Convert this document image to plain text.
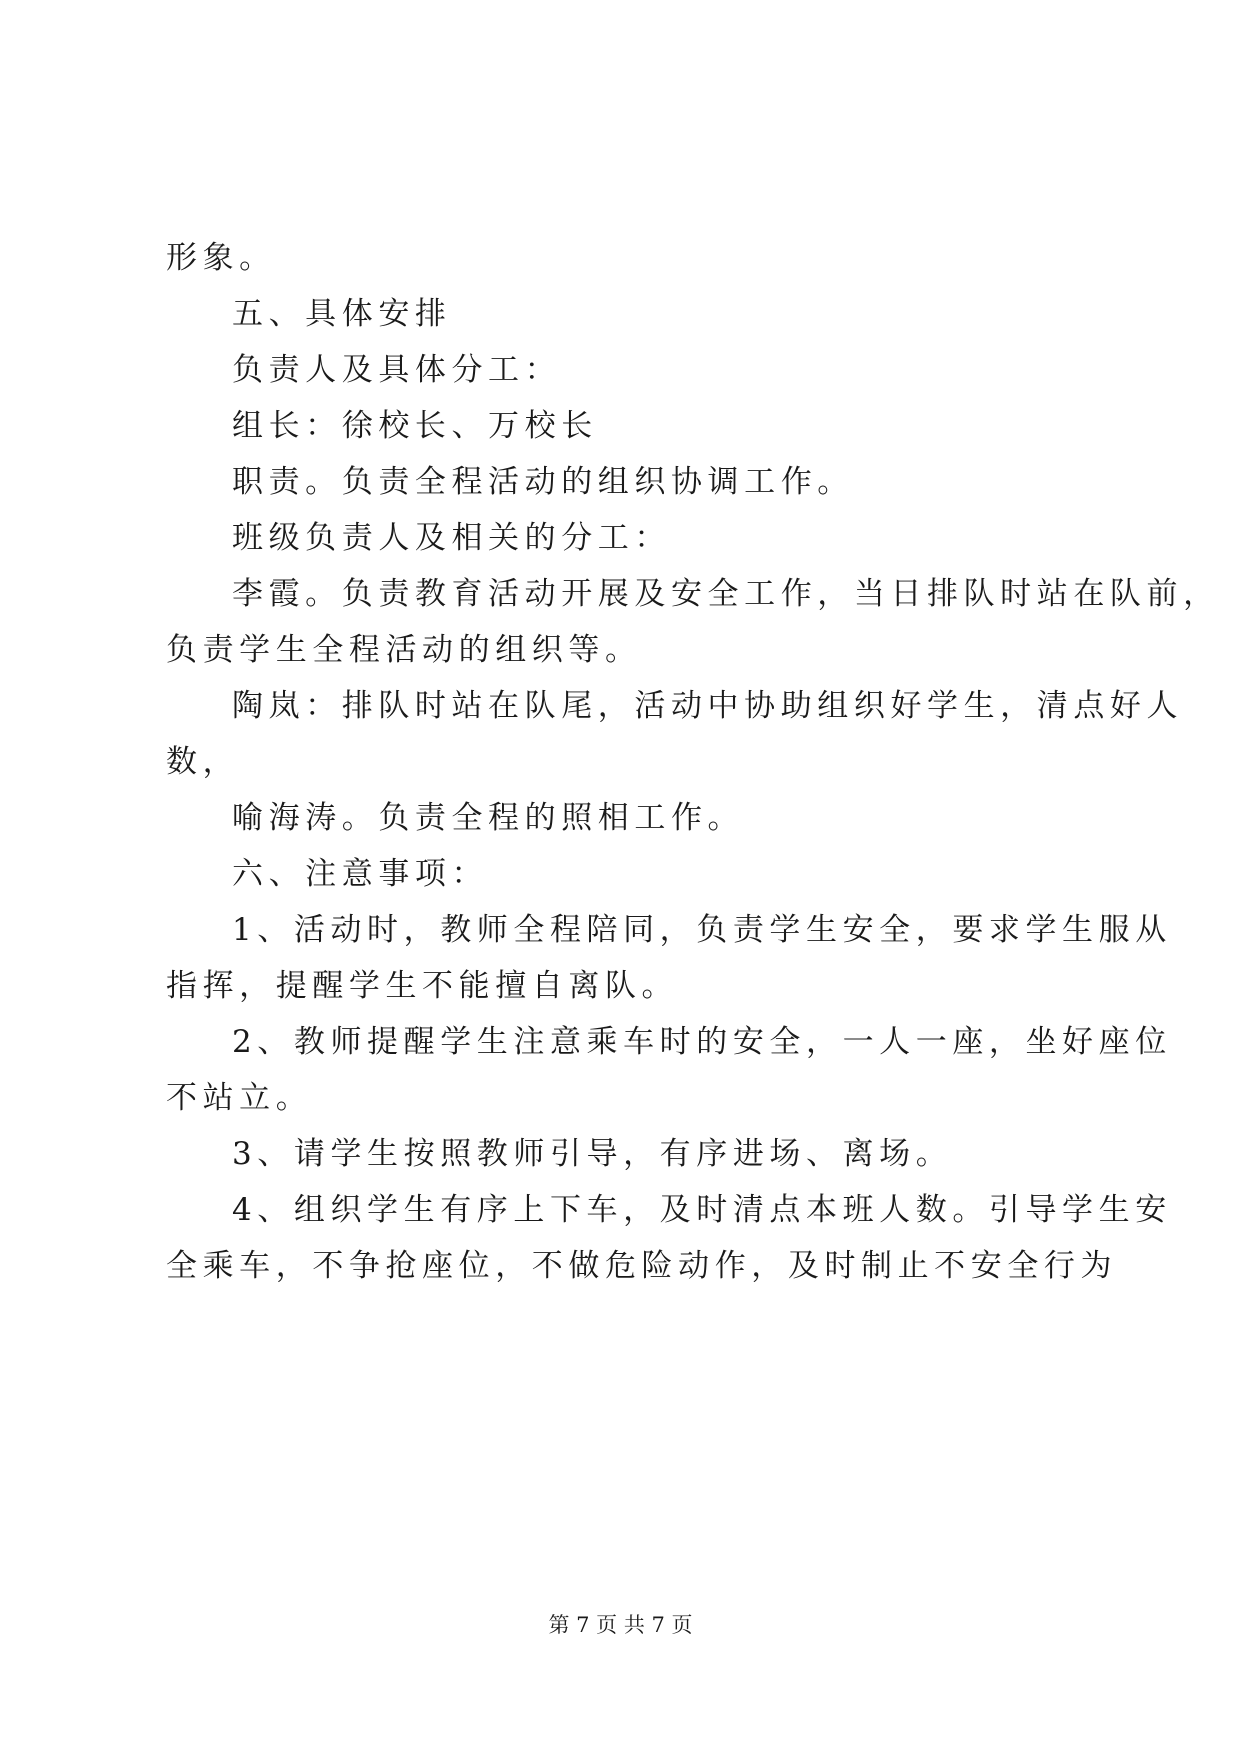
形象。
五、具体安排
负责人及具体分工：
组长：徐校长、万校长
职责。负责全程活动的组织协调工作。
班级负责人及相关的分工：
李霞。负责教育活动开展及安全工作，当日排队时站在队前，
负责学生全程活动的组织等。
陶岚：排队时站在队尾，活动中协助组织好学生，清点好人
数，
喻海涛。负责全程的照相工作。
六、注意事项：
1、活动时，教师全程陪同，负责学生安全，要求学生服从
指挥，提醒学生不能擅自离队。
2、教师提醒学生注意乘车时的安全，一人一座，坐好座位
不站立。
3、请学生按照教师引导，有序进场、离场。
4、组织学生有序上下车，及时清点本班人数。引导学生安
全乘车，不争抢座位，不做危险动作，及时制止不安全行为
第 7 页 共 7 页
